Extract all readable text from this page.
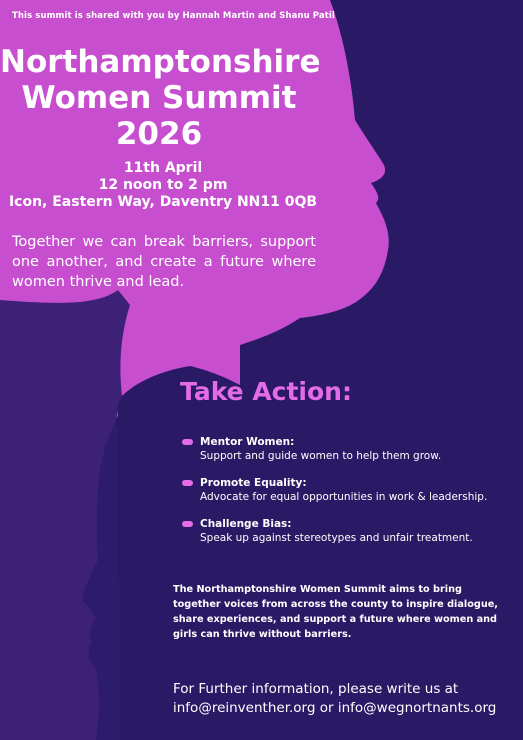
This summit is shared with you by Hannah Martin and Shanu Patil

Northamptonshire
Women Summit
2026
11th April
12 noon to 2 pm
Icon, Eastern Way, Daventry NN11 0QB

Together we can break barriers, support one another, and create a future where women thrive and lead.

Take Action:
Mentor Women:
Support and guide women to help them grow.
Promote Equality:
Advocate for equal opportunities in work & leadership.
Challenge Bias:
Speak up against stereotypes and unfair treatment.

The Northamptonshire Women Summit aims to bring together voices from across the county to inspire dialogue, share experiences, and support a future where women and girls can thrive without barriers.

For Further information, please write us at
info@reinventher.org or info@wegnortnants.org
